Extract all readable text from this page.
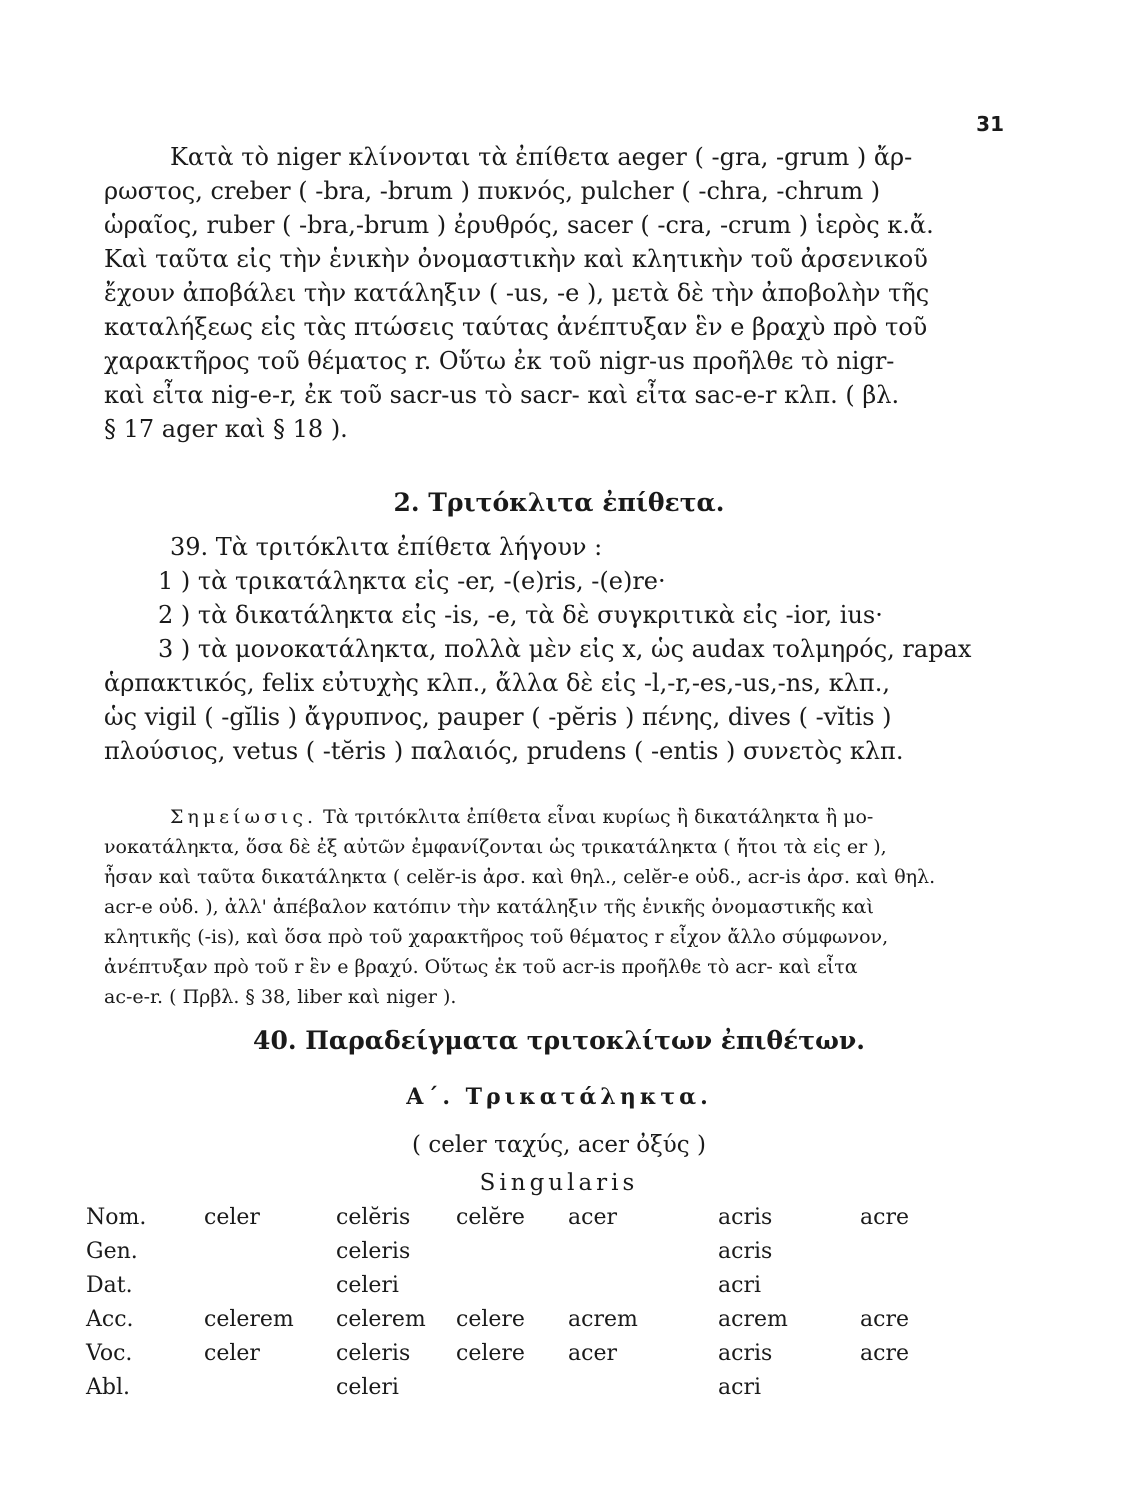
31

Κατὰ τὸ niger κλίνονται τὰ ἐπίθετα aeger ( -gra, -grum ) ἄρ-

ρωστος, creber ( -bra, -brum ) πυκνός, pulcher ( -chra, -chrum )

ὡραῖος, ruber ( -bra,-brum ) ἐρυθρός, sacer ( -cra, -crum ) ἱερὸς κ.ἄ.

Καὶ ταῦτα εἰς τὴν ἑνικὴν ὀνομαστικὴν καὶ κλητικὴν τοῦ ἀρσενικοῦ

ἔχουν ἀποβάλει τὴν κατάληξιν ( -us, -e ), μετὰ δὲ τὴν ἀποβολὴν τῆς

καταλήξεως εἰς τὰς πτώσεις ταύτας ἀνέπτυξαν ἓν e βραχὺ πρὸ τοῦ

χαρακτῆρος τοῦ θέματος r. Οὕτω ἐκ τοῦ nigr-us προῆλθε τὸ nigr-

καὶ εἶτα nig-e-r, ἐκ τοῦ sacr-us τὸ sacr- καὶ εἶτα sac-e-r κλπ. ( βλ.

§ 17 ager καὶ § 18 ).

2. Τριτόκλιτα ἐπίθετα.

39. Τὰ τριτόκλιτα ἐπίθετα λήγουν :

1 ) τὰ τρικατάληκτα εἰς -er, -(e)ris, -(e)re·

2 ) τὰ δικατάληκτα εἰς -is, -e, τὰ δὲ συγκριτικὰ εἰς -ior, ius·

3 ) τὰ μονοκατάληκτα, πολλὰ μὲν εἰς x, ὡς audax τολμηρός, rapax

ἁρπακτικός, felix εὐτυχὴς κλπ., ἄλλα δὲ εἰς -l,-r,-es,-us,-ns, κλπ.,

ὡς vigil ( -gĭlis ) ἄγρυπνος, pauper ( -pĕris ) πένης, dives ( -vĭtis )

πλούσιος, vetus ( -tĕris ) παλαιός, prudens ( -entis ) συνετὸς κλπ.

Σημείωσις. Τὰ τριτόκλιτα ἐπίθετα εἶναι κυρίως ἢ δικατάληκτα ἢ μο-

νοκατάληκτα, ὅσα δὲ ἐξ αὐτῶν ἐμφανίζονται ὡς τρικατάληκτα ( ἤτοι τὰ εἰς er ),

ἦσαν καὶ ταῦτα δικατάληκτα ( celĕr-is ἀρσ. καὶ θηλ., celĕr-e οὐδ., acr-is ἀρσ. καὶ θηλ.

acr-e οὐδ. ), ἀλλ' ἀπέβαλον κατόπιν τὴν κατάληξιν τῆς ἑνικῆς ὀνομαστικῆς καὶ

κλητικῆς (-is), καὶ ὅσα πρὸ τοῦ χαρακτῆρος τοῦ θέματος r εἶχον ἄλλο σύμφωνον,

ἀνέπτυξαν πρὸ τοῦ r ἓν e βραχύ. Οὕτως ἐκ τοῦ acr-is προῆλθε τὸ acr- καὶ εἶτα

ac-e-r. ( Πρβλ. § 38, liber καὶ niger ).

40. Παραδείγματα τριτοκλίτων ἐπιθέτων.
Α΄. Τρικατάληκτα.
( celer ταχύς, acer ὀξύς )
Singularis
Nom.	celer	celĕris	celĕre	acer	acris	acre
Gen.		celeris			acris	
Dat.		celeri			acri	
Acc.	celerem	celerem	celere	acrem	acrem	acre
Voc.	celer	celeris	celere	acer	acris	acre
Abl.		celeri			acri	
